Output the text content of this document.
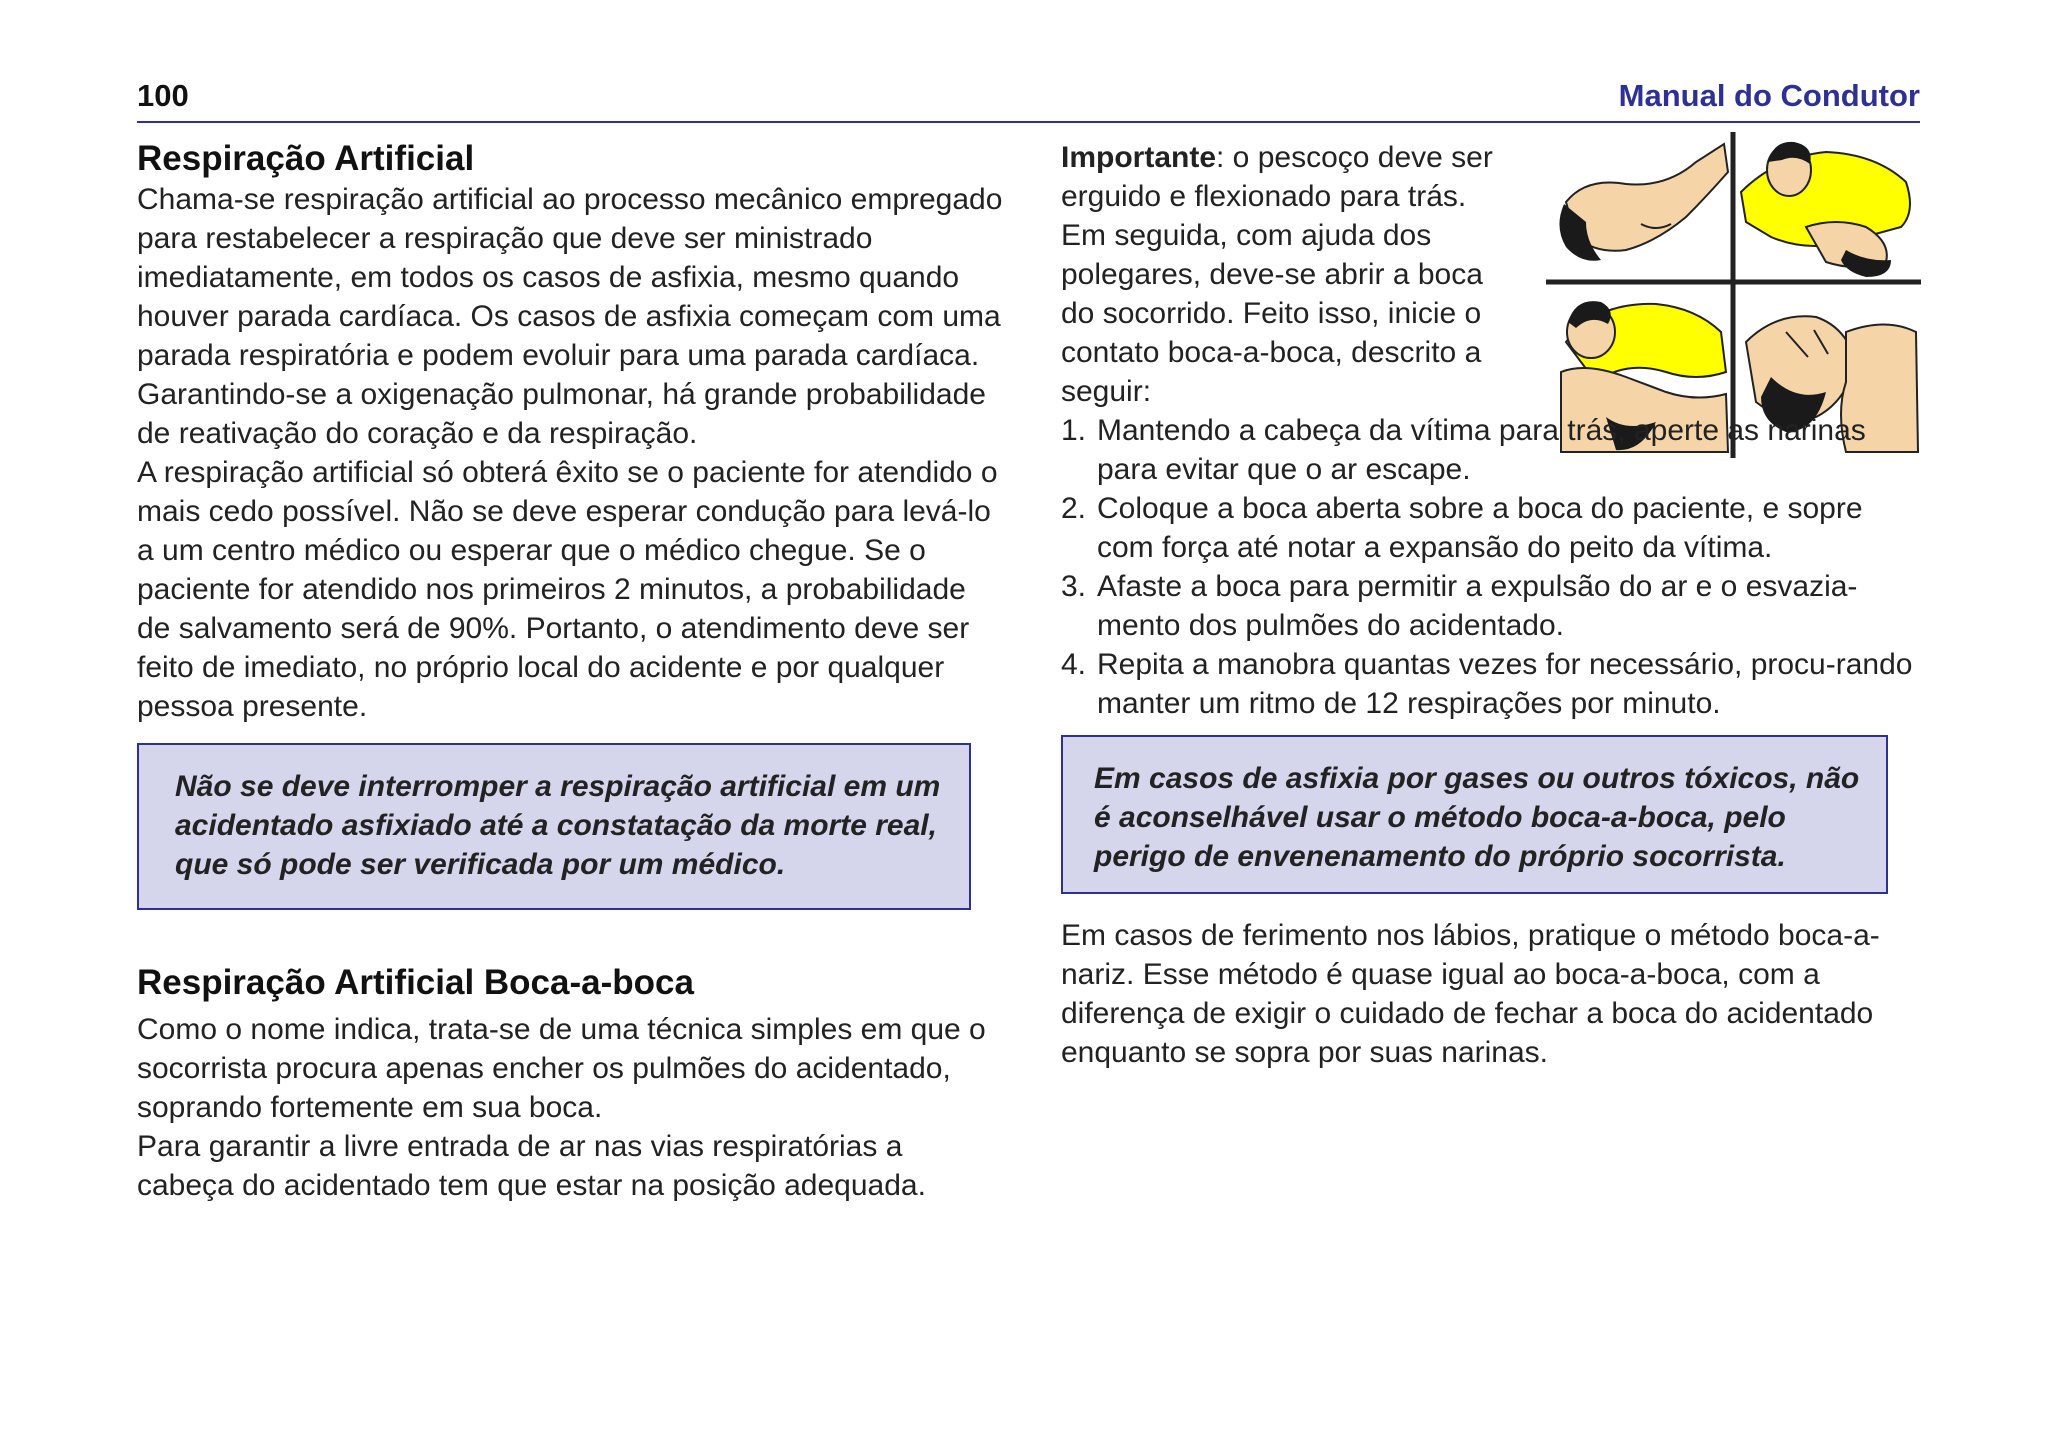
100	Manual do Condutor
Respiração Artificial

Chama-se respiração artificial ao processo mecânico empregado para restabelecer a respiração que deve ser ministrado imediatamente, em todos os casos de asfixia, mesmo quando houver parada cardíaca. Os casos de asfixia começam com uma parada respiratória e podem evoluir para uma parada cardíaca. Garantindo-se a oxigenação pulmonar, há grande probabilidade de reativação do coração e da respiração.

A respiração artificial só obterá êxito se o paciente for atendido o mais cedo possível. Não se deve esperar condução para levá-lo a um centro médico ou esperar que o médico chegue. Se o paciente for atendido nos primeiros 2 minutos, a probabilidade de salvamento será de 90%. Portanto, o atendimento deve ser feito de imediato, no próprio local do acidente e por qualquer pessoa presente.

Não se deve interromper a respiração artificial em um acidentado asfixiado até a constatação da morte real, que só pode ser verificada por um médico.
Respiração Artificial Boca-a-boca

Como o nome indica, trata-se de uma técnica simples em que o socorrista procura apenas encher os pulmões do acidentado, soprando fortemente em sua boca.

Para garantir a livre entrada de ar nas vias respiratórias a cabeça do acidentado tem que estar na posição adequada.

Importante: o pescoço deve ser erguido e flexionado para trás.

Em seguida, com ajuda dos polegares, deve-se abrir a boca do socorrido. Feito isso, inicie o contato boca-a-boca, descrito a seguir:

1. Mantendo a cabeça da vítima para trás, aperte as narinas para evitar que o ar escape.
2. Coloque a boca aberta sobre a boca do paciente, e sopre com força até notar a expansão do peito da vítima.
3. Afaste a boca para permitir a expulsão do ar e o esvazia-mento dos pulmões do acidentado.
4. Repita a manobra quantas vezes for necessário, procu-rando manter um ritmo de 12 respirações por minuto.
Em casos de asfixia por gases ou outros tóxicos, não é aconselhável usar o método boca-a-boca, pelo perigo de envenenamento do próprio socorrista.

Em casos de ferimento nos lábios, pratique o método boca-a-nariz. Esse método é quase igual ao boca-a-boca, com a diferença de exigir o cuidado de fechar a boca do acidentado enquanto se sopra por suas narinas.
